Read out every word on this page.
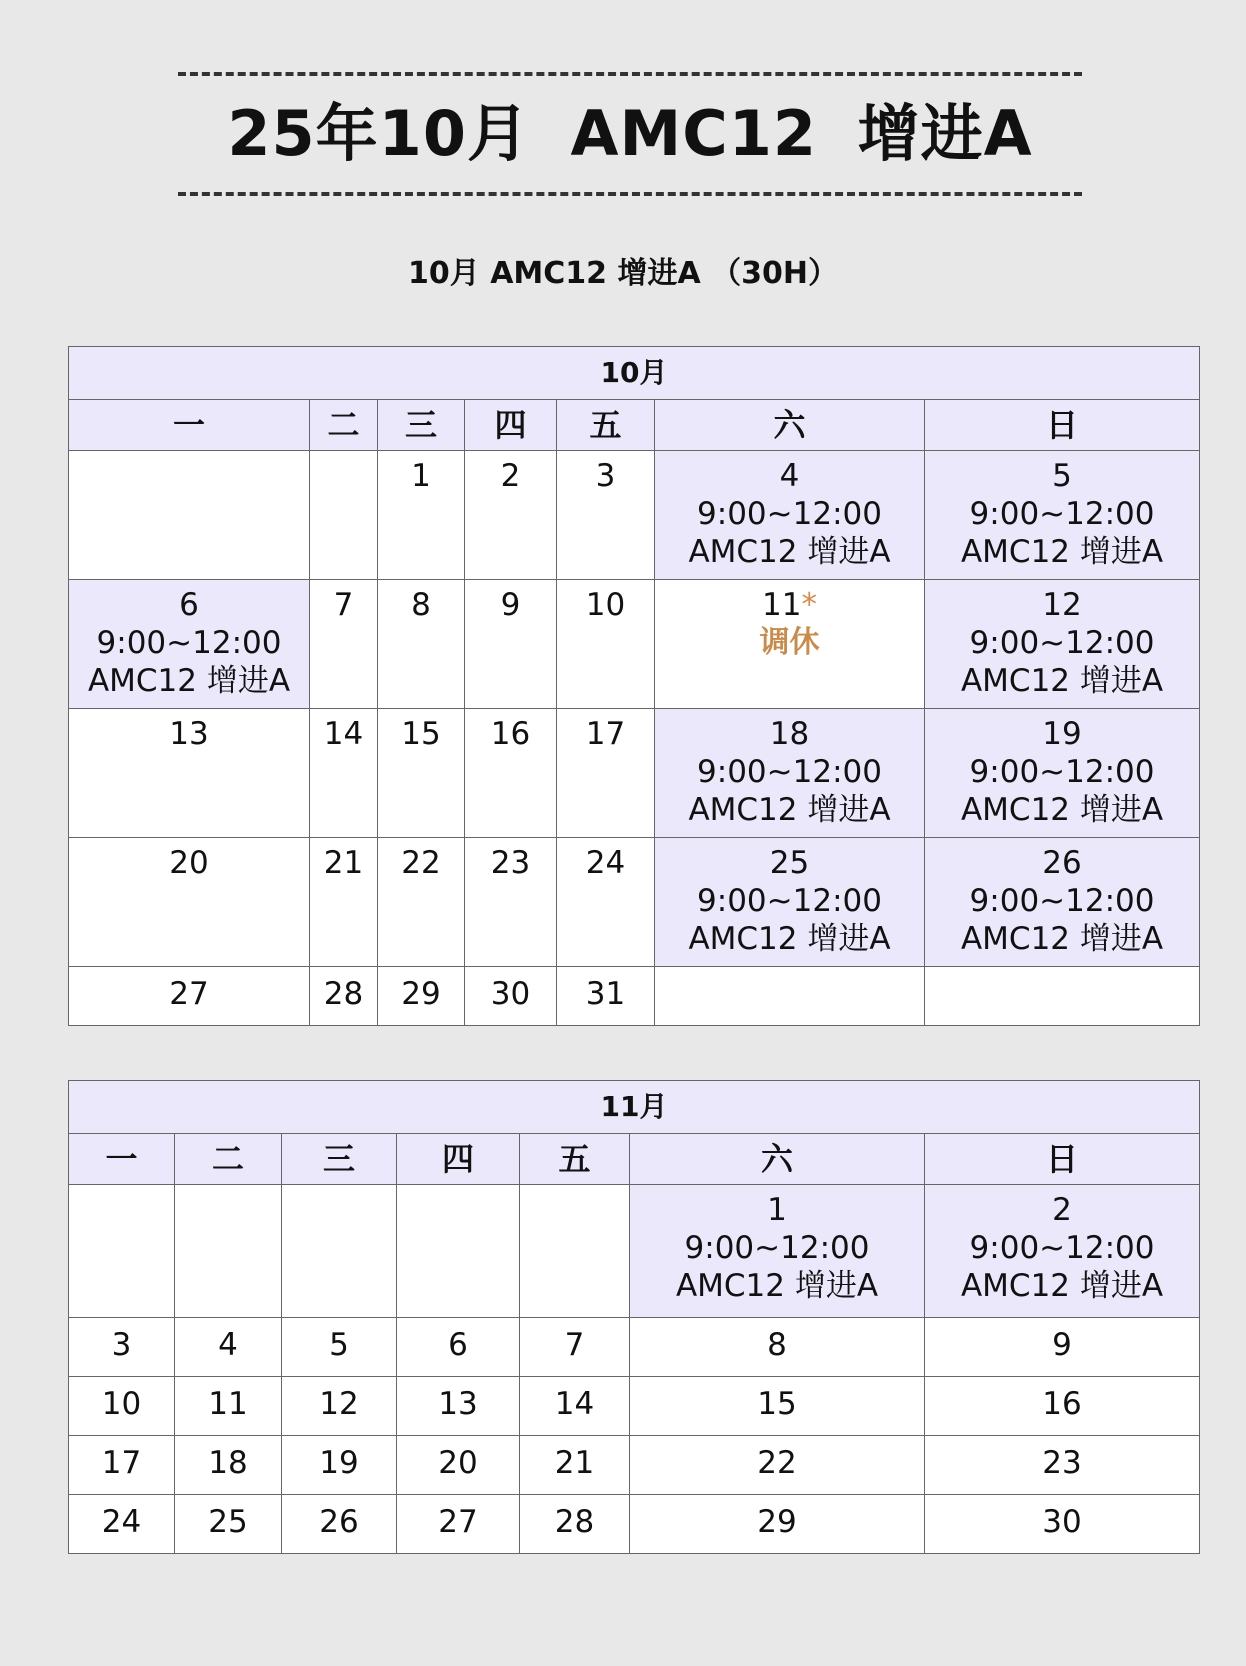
25年10月 AMC12 增进A
10月 AMC12 增进A （30H）
10月						
一	二	三	四	五	六	日

		1	2	3	4
9:00~12:00
AMC12 增进A	5
9:00~12:00
AMC12 增进A

6
9:00~12:00
AMC12 增进A	7	8	9	10	11*
调休	12
9:00~12:00
AMC12 增进A

13	14	15	16	17	18
9:00~12:00
AMC12 增进A	19
9:00~12:00
AMC12 增进A

20	21	22	23	24	25
9:00~12:00
AMC12 增进A	26
9:00~12:00
AMC12 增进A

27	28	29	30	31		

11月						
一	二	三	四	五	六	日

					1
9:00~12:00
AMC12 增进A	2
9:00~12:00
AMC12 增进A

3	4	5	6	7	8	9

10	11	12	13	14	15	16

17	18	19	20	21	22	23

24	25	26	27	28	29	30
